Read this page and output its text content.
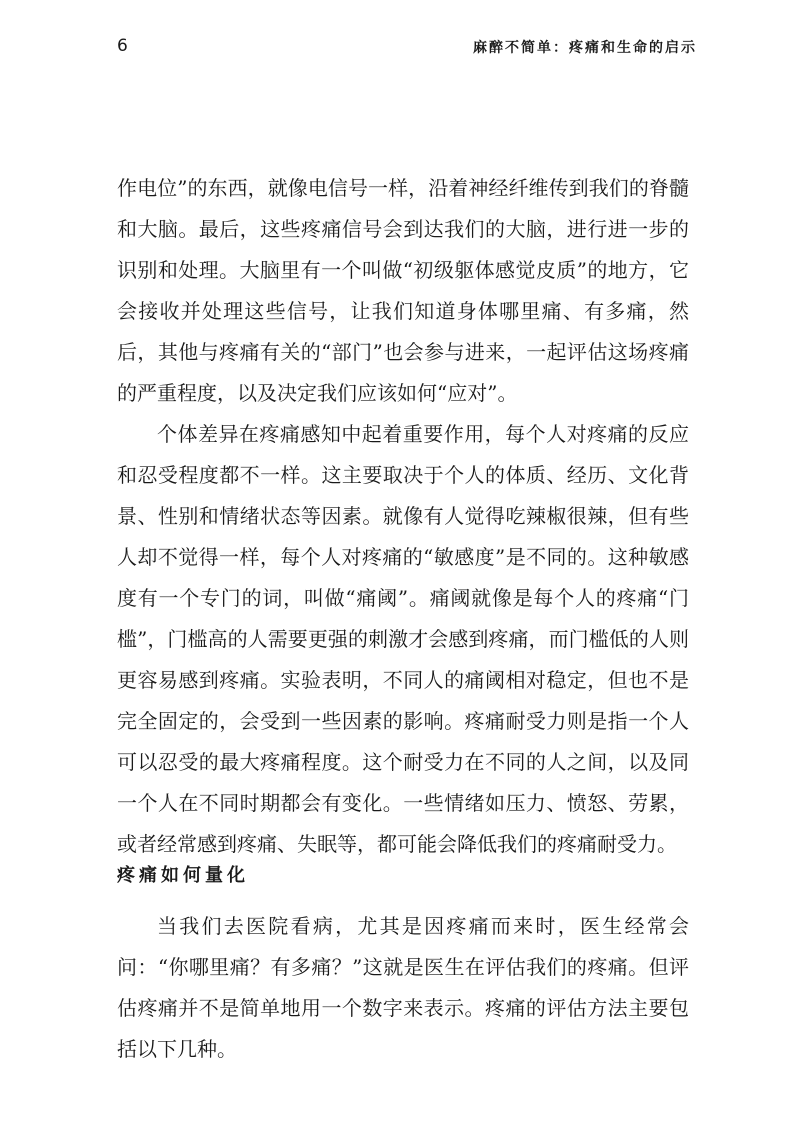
6	麻醉不简单：疼痛和生命的启示

作电位”的东西，就像电信号一样，沿着神经纤维传到我们的脊髓和大脑。最后，这些疼痛信号会到达我们的大脑，进行进一步的识别和处理。大脑里有一个叫做“初级躯体感觉皮质”的地方，它会接收并处理这些信号，让我们知道身体哪里痛、有多痛，然后，其他与疼痛有关的“部门”也会参与进来，一起评估这场疼痛的严重程度，以及决定我们应该如何“应对”。

个体差异在疼痛感知中起着重要作用，每个人对疼痛的反应和忍受程度都不一样。这主要取决于个人的体质、经历、文化背景、性别和情绪状态等因素。就像有人觉得吃辣椒很辣，但有些人却不觉得一样，每个人对疼痛的“敏感度”是不同的。这种敏感度有一个专门的词，叫做“痛阈”。痛阈就像是每个人的疼痛“门槛”，门槛高的人需要更强的刺激才会感到疼痛，而门槛低的人则更容易感到疼痛。实验表明，不同人的痛阈相对稳定，但也不是完全固定的，会受到一些因素的影响。疼痛耐受力则是指一个人可以忍受的最大疼痛程度。这个耐受力在不同的人之间，以及同一个人在不同时期都会有变化。一些情绪如压力、愤怒、劳累，或者经常感到疼痛、失眠等，都可能会降低我们的疼痛耐受力。

疼痛如何量化

当我们去医院看病，尤其是因疼痛而来时，医生经常会问：“你哪里痛？有多痛？”这就是医生在评估我们的疼痛。但评估疼痛并不是简单地用一个数字来表示。疼痛的评估方法主要包括以下几种。
